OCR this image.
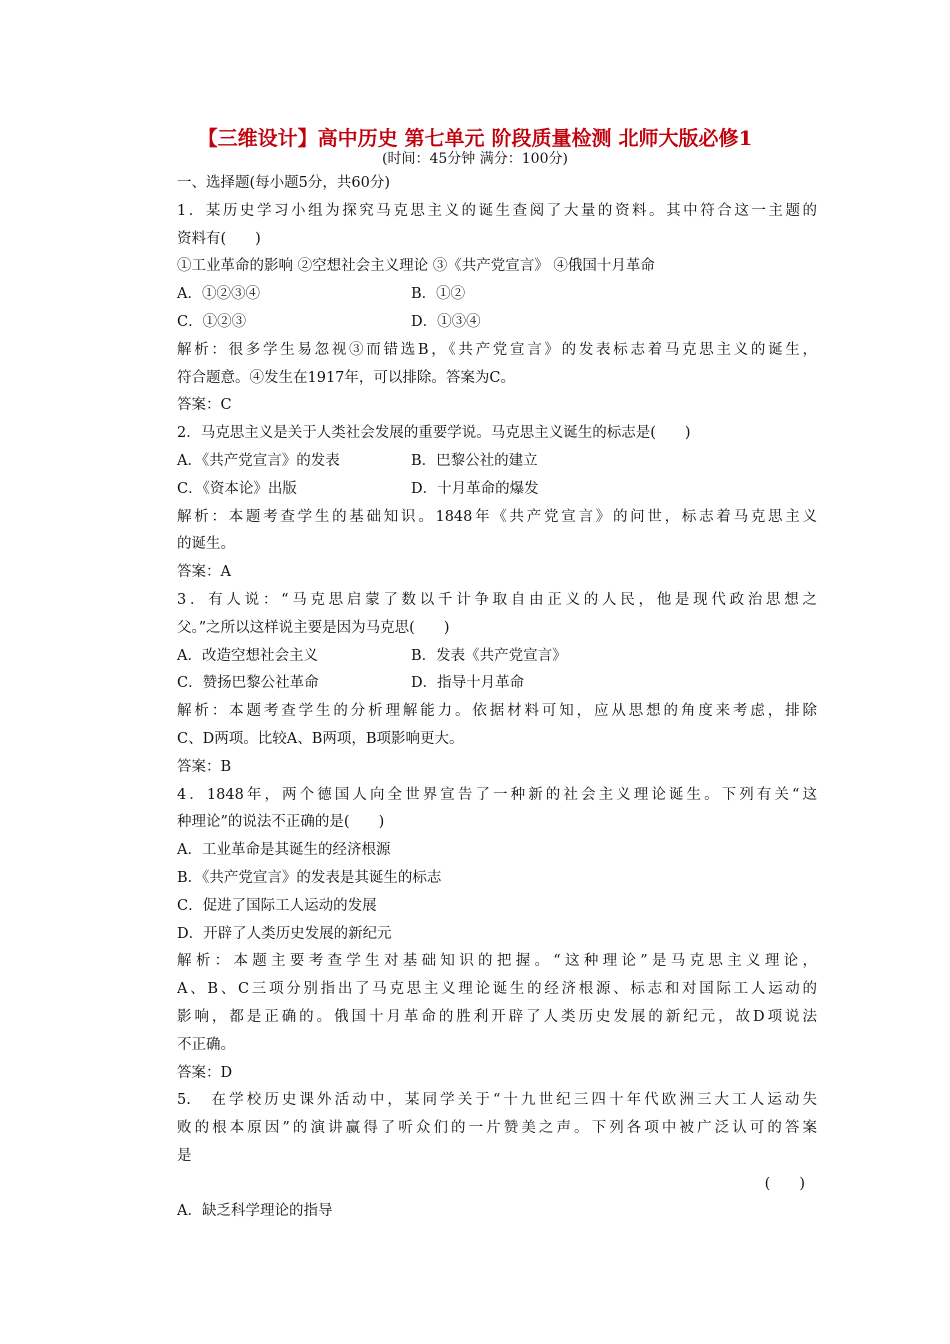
【三维设计】高中历史 第七单元 阶段质量检测 北师大版必修1
(时间：45分钟 满分：100分)
一、选择题(每小题5分，共60分)
1．某历史学习小组为探究马克思主义的诞生查阅了大量的资料。其中符合这一主题的
资料有(　　)
①工业革命的影响 ②空想社会主义理论 ③《共产党宣言》 ④俄国十月革命
A．①②③④	B．①②
C．①②③	D．①③④
解析：很多学生易忽视③而错选B，《共产党宣言》的发表标志着马克思主义的诞生，
符合题意。④发生在1917年，可以排除。答案为C。
答案：C
2．马克思主义是关于人类社会发展的重要学说。马克思主义诞生的标志是(　　)
A．《共产党宣言》的发表	B．巴黎公社的建立
C．《资本论》出版	D．十月革命的爆发
解析：本题考查学生的基础知识。1848年《共产党宣言》的问世，标志着马克思主义
的诞生。
答案：A
3．有人说：“马克思启蒙了数以千计争取自由正义的人民，他是现代政治思想之
父。”之所以这样说主要是因为马克思(　　)
A．改造空想社会主义	B．发表《共产党宣言》
C．赞扬巴黎公社革命	D．指导十月革命
解析：本题考查学生的分析理解能力。依据材料可知，应从思想的角度来考虑，排除
C、D两项。比较A、B两项，B项影响更大。
答案：B
4．1848年，两个德国人向全世界宣告了一种新的社会主义理论诞生。下列有关“这
种理论”的说法不正确的是(　　)
A．工业革命是其诞生的经济根源
B．《共产党宣言》的发表是其诞生的标志
C．促进了国际工人运动的发展
D．开辟了人类历史发展的新纪元
解析：本题主要考查学生对基础知识的把握。“这种理论”是马克思主义理论，
A、B、C三项分别指出了马克思主义理论诞生的经济根源、标志和对国际工人运动的
影响，都是正确的。俄国十月革命的胜利开辟了人类历史发展的新纪元，故D项说法
不正确。
答案：D
5.　在学校历史课外活动中，某同学关于“十九世纪三四十年代欧洲三大工人运动失
败的根本原因”的演讲赢得了听众们的一片赞美之声。下列各项中被广泛认可的答案
是
(　　)
A．缺乏科学理论的指导
